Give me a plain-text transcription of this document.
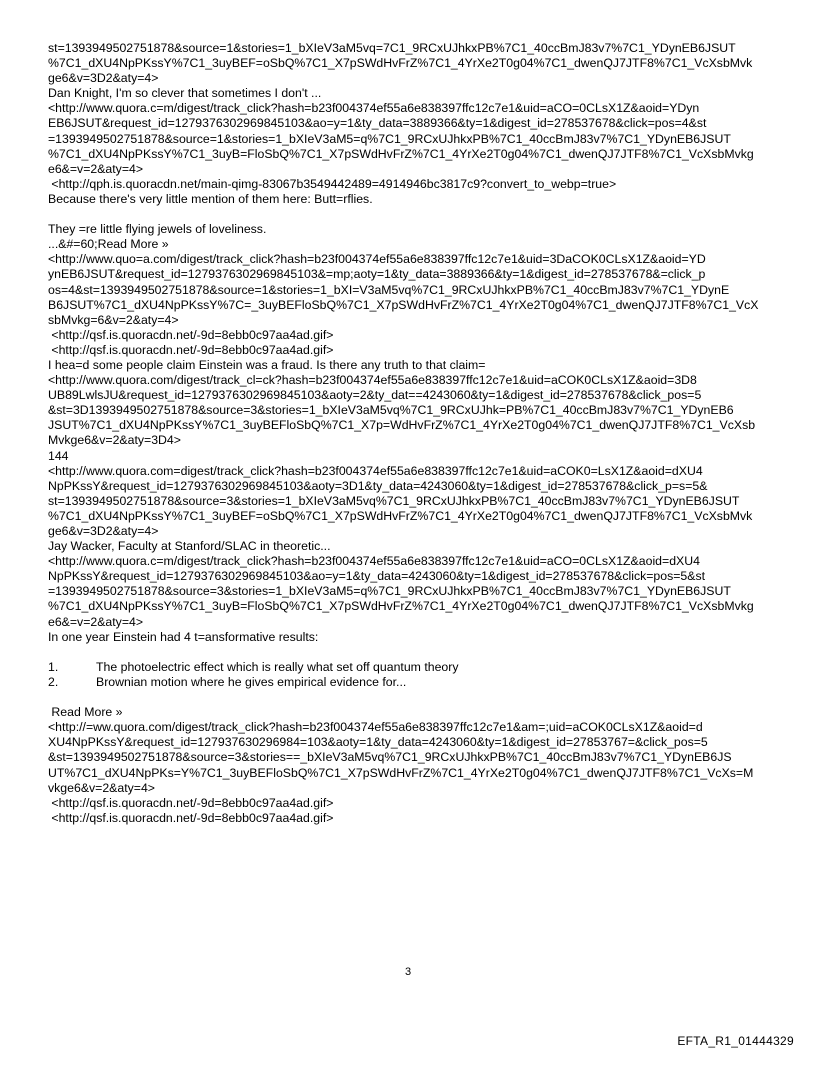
st=1393949502751878&source=1&stories=1_bXIeV3aM5vq=7C1_9RCxUJhkxPB%7C1_40ccBmJ83v7%7C1_YDynEB6JSUT
%7C1_dXU4NpPKssY%7C1_3uyBEF=oSbQ%7C1_X7pSWdHvFrZ%7C1_4YrXe2T0g04%7C1_dwenQJ7JTF8%7C1_VcXsbMvk
ge6&v=3D2&aty=4>
Dan Knight, I'm so clever that sometimes I don't ...
<http://www.quora.c=m/digest/track_click?hash=b23f004374ef55a6e838397ffc12c7e1&uid=aCO=0CLsX1Z&aoid=YDyn
EB6JSUT&request_id=1279376302969845103&ao=y=1&ty_data=3889366&ty=1&digest_id=278537678&click=pos=4&st
=1393949502751878&source=1&stories=1_bXIeV3aM5=q%7C1_9RCxUJhkxPB%7C1_40ccBmJ83v7%7C1_YDynEB6JSUT
%7C1_dXU4NpPKssY%7C1_3uyB=FloSbQ%7C1_X7pSWdHvFrZ%7C1_4YrXe2T0g04%7C1_dwenQJ7JTF8%7C1_VcXsbMvkg
e6&=v=2&aty=4>
<http://qph.is.quoracdn.net/main-qimg-83067b3549442489=4914946bc3817c9?convert_to_webp=true>
Because there's very little mention of them here: Butt=rflies.
They =re little flying jewels of loveliness.
...&#=60;Read More »
<http://www.quo=a.com/digest/track_click?hash=b23f004374ef55a6e838397ffc12c7e1&uid=3DaCOK0CLsX1Z&aoid=YD
ynEB6JSUT&request_id=1279376302969845103&=mp;aoty=1&ty_data=3889366&ty=1&digest_id=278537678&=click_p
os=4&st=1393949502751878&source=1&stories=1_bXI=V3aM5vq%7C1_9RCxUJhkxPB%7C1_40ccBmJ83v7%7C1_YDynE
B6JSUT%7C1_dXU4NpPKssY%7C=_3uyBEFloSbQ%7C1_X7pSWdHvFrZ%7C1_4YrXe2T0g04%7C1_dwenQJ7JTF8%7C1_VcX
sbMvkg=6&v=2&aty=4>
<http://qsf.is.quoracdn.net/-9d=8ebb0c97aa4ad.gif>
<http://qsf.is.quoracdn.net/-9d=8ebb0c97aa4ad.gif>
I hea=d some people claim Einstein was a fraud. Is there any truth to that claim=
<http://www.quora.com/digest/track_cl=ck?hash=b23f004374ef55a6e838397ffc12c7e1&uid=aCOK0CLsX1Z&aoid=3D8
UB89LwlsJU&request_id=1279376302969845103&aoty=2&ty_dat==4243060&ty=1&digest_id=278537678&click_pos=5
&st=3D1393949502751878&source=3&stories=1_bXIeV3aM5vq%7C1_9RCxUJhk=PB%7C1_40ccBmJ83v7%7C1_YDynEB6
JSUT%7C1_dXU4NpPKssY%7C1_3uyBEFloSbQ%7C1_X7p=WdHvFrZ%7C1_4YrXe2T0g04%7C1_dwenQJ7JTF8%7C1_VcXsb
Mvkge6&v=2&aty=3D4>
144
<http://www.quora.com=digest/track_click?hash=b23f004374ef55a6e838397ffc12c7e1&uid=aCOK0=LsX1Z&aoid=dXU4
NpPKssY&request_id=1279376302969845103&aoty=3D1&ty_data=4243060&ty=1&digest_id=278537678&click_p=s=5&
st=1393949502751878&source=3&stories=1_bXIeV3aM5vq%7C1_9RCxUJhkxPB%7C1_40ccBmJ83v7%7C1_YDynEB6JSUT
%7C1_dXU4NpPKssY%7C1_3uyBEF=oSbQ%7C1_X7pSWdHvFrZ%7C1_4YrXe2T0g04%7C1_dwenQJ7JTF8%7C1_VcXsbMvk
ge6&v=3D2&aty=4>
Jay Wacker, Faculty at Stanford/SLAC in theoretic...
<http://www.quora.c=m/digest/track_click?hash=b23f004374ef55a6e838397ffc12c7e1&uid=aCO=0CLsX1Z&aoid=dXU4
NpPKssY&request_id=1279376302969845103&ao=y=1&ty_data=4243060&ty=1&digest_id=278537678&click=pos=5&st
=1393949502751878&source=3&stories=1_bXIeV3aM5=q%7C1_9RCxUJhkxPB%7C1_40ccBmJ83v7%7C1_YDynEB6JSUT
%7C1_dXU4NpPKssY%7C1_3uyB=FloSbQ%7C1_X7pSWdHvFrZ%7C1_4YrXe2T0g04%7C1_dwenQJ7JTF8%7C1_VcXsbMvkg
e6&=v=2&aty=4>
In one year Einstein had 4 t=ansformative results:
1.	The photoelectric effect which is really what set off quantum theory
2.	Brownian motion where he gives empirical evidence for...
Read More »
<http://=ww.quora.com/digest/track_click?hash=b23f004374ef55a6e838397ffc12c7e1&am=;uid=aCOK0CLsX1Z&aoid=d
XU4NpPKssY&request_id=127937630296984=103&aoty=1&ty_data=4243060&ty=1&digest_id=27853767=&click_pos=5
&st=1393949502751878&source=3&stories==_bXIeV3aM5vq%7C1_9RCxUJhkxPB%7C1_40ccBmJ83v7%7C1_YDynEB6JS
UT%7C1_dXU4NpPKs=Y%7C1_3uyBEFloSbQ%7C1_X7pSWdHvFrZ%7C1_4YrXe2T0g04%7C1_dwenQJ7JTF8%7C1_VcXs=M
vkge6&v=2&aty=4>
<http://qsf.is.quoracdn.net/-9d=8ebb0c97aa4ad.gif>
<http://qsf.is.quoracdn.net/-9d=8ebb0c97aa4ad.gif>
3
EFTA_R1_01444329
